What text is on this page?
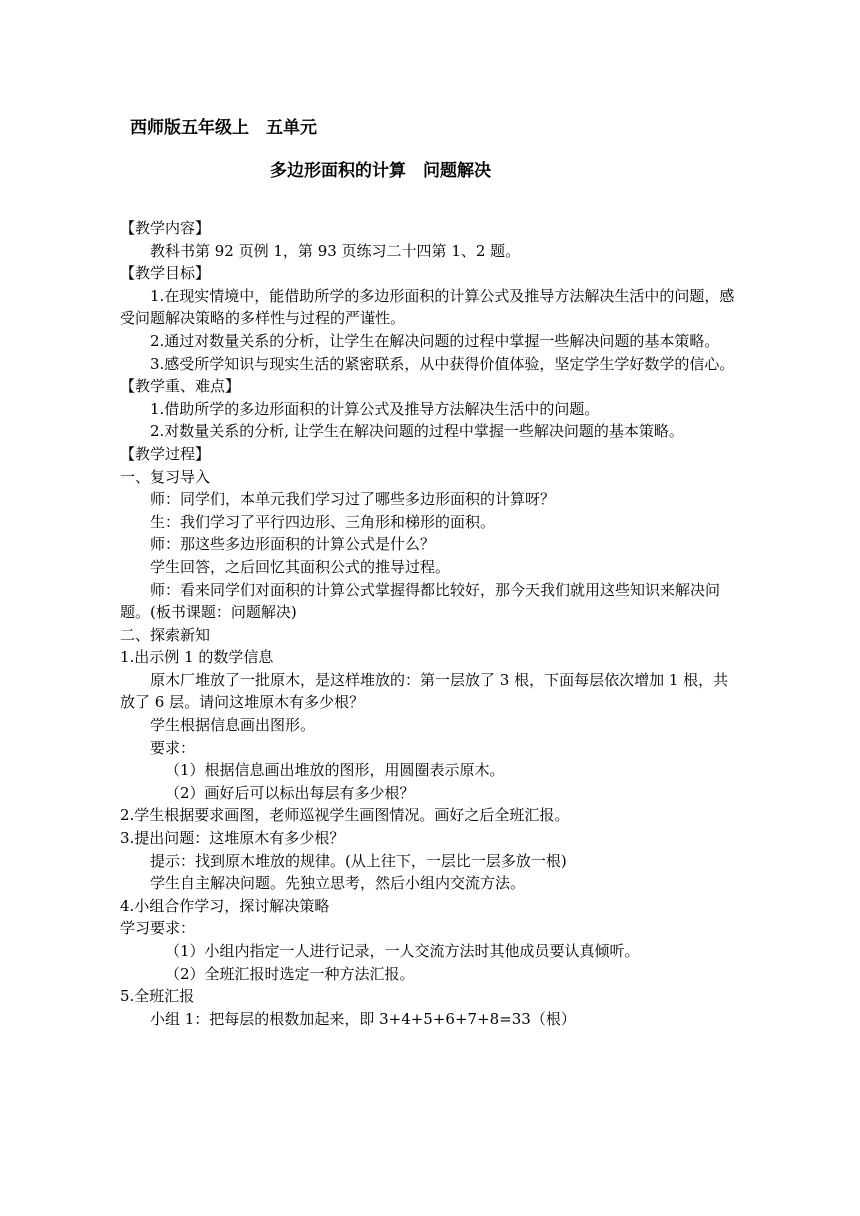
西师版五年级上　五单元
多边形面积的计算　问题解决

【教学内容】

教科书第 92 页例 1，第 93 页练习二十四第 1、2 题。

【教学目标】

1.在现实情境中，能借助所学的多边形面积的计算公式及推导方法解决生活中的问题，感受问题解决策略的多样性与过程的严谨性。

2.通过对数量关系的分析，让学生在解决问题的过程中掌握一些解决问题的基本策略。

3.感受所学知识与现实生活的紧密联系，从中获得价值体验，坚定学生学好数学的信心。

【教学重、难点】

1.借助所学的多边形面积的计算公式及推导方法解决生活中的问题。

2.对数量关系的分析, 让学生在解决问题的过程中掌握一些解决问题的基本策略。

【教学过程】

一、复习导入

师：同学们，本单元我们学习过了哪些多边形面积的计算呀？

生：我们学习了平行四边形、三角形和梯形的面积。

师：那这些多边形面积的计算公式是什么？

学生回答，之后回忆其面积公式的推导过程。

师：看来同学们对面积的计算公式掌握得都比较好，那今天我们就用这些知识来解决问题。(板书课题：问题解决)

二、探索新知

1.出示例 1 的数学信息

原木厂堆放了一批原木，是这样堆放的：第一层放了 3 根，下面每层依次增加 1 根，共放了 6 层。请问这堆原木有多少根？

学生根据信息画出图形。

要求：

（1）根据信息画出堆放的图形，用圆圈表示原木。

（2）画好后可以标出每层有多少根？

2.学生根据要求画图，老师巡视学生画图情况。画好之后全班汇报。

3.提出问题：这堆原木有多少根？

提示：找到原木堆放的规律。(从上往下，一层比一层多放一根)

学生自主解决问题。先独立思考，然后小组内交流方法。

4.小组合作学习，探讨解决策略

学习要求：

（1）小组内指定一人进行记录，一人交流方法时其他成员要认真倾听。

（2）全班汇报时选定一种方法汇报。

5.全班汇报

小组 1：把每层的根数加起来，即 3+4+5+6+7+8=33（根）
